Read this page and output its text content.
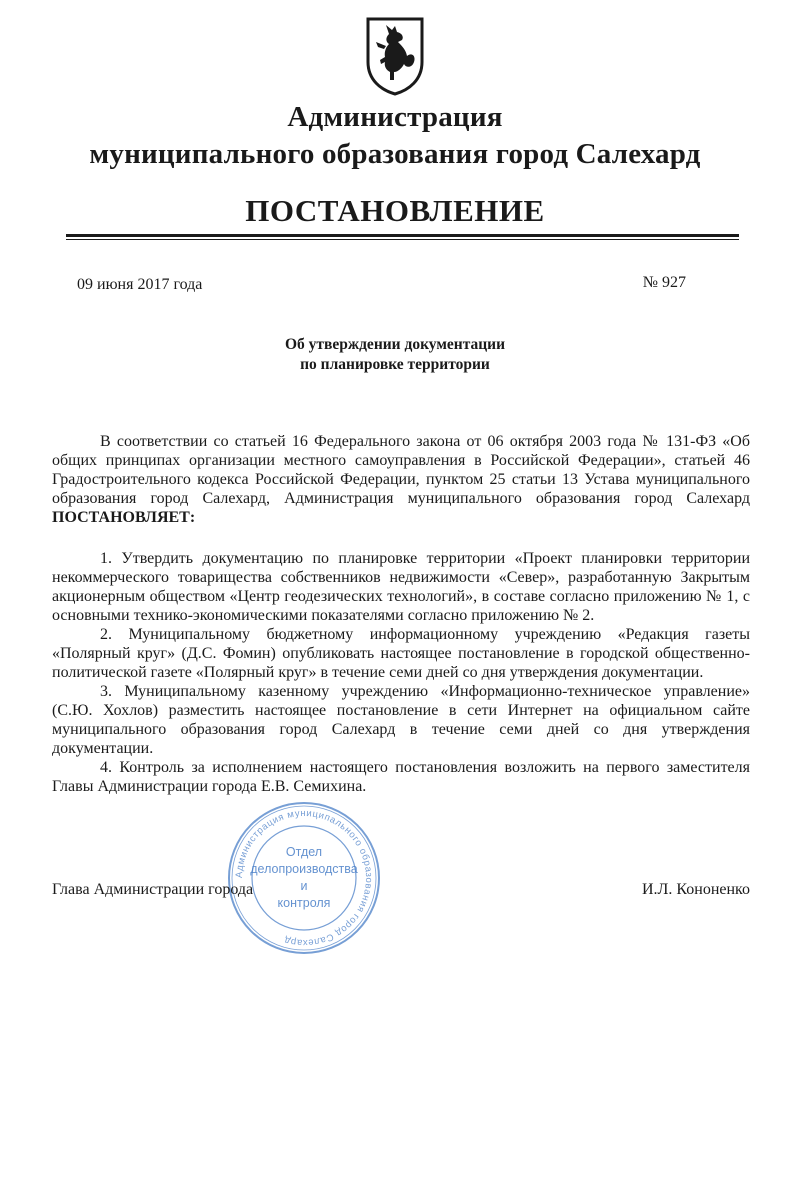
Администрация
муниципального образования город Салехард
ПОСТАНОВЛЕНИЕ
09 июня 2017 года	№ 927
Об утверждении документации
по планировке территории

В соответствии со статьей 16 Федерального закона от 06 октября 2003 года № 131-ФЗ «Об общих принципах организации местного самоуправления в Российской Федерации», статьей 46 Градостроительного кодекса Российской Федерации, пунктом 25 статьи 13 Устава муниципального образования город Салехард, Администрация муниципального образования город Салехард ПОСТАНОВЛЯЕТ:

1. Утвердить документацию по планировке территории «Проект планировки территории некоммерческого товарищества собственников недвижимости «Север», разработанную Закрытым акционерным обществом «Центр геодезических технологий», в составе согласно приложению № 1, с основными технико-экономическими показателями согласно приложению № 2.

2. Муниципальному бюджетному информационному учреждению «Редакция газеты «Полярный круг» (Д.С. Фомин) опубликовать настоящее постановление в городской общественно-политической газете «Полярный круг» в течение семи дней со дня утверждения документации.

3. Муниципальному казенному учреждению «Информационно-техническое управление» (С.Ю. Хохлов) разместить настоящее постановление в сети Интернет на официальном сайте муниципального образования город Салехард в течение семи дней со дня утверждения документации.

4. Контроль за исполнением настоящего постановления возложить на первого заместителя Главы Администрации города Е.В. Семихина.

Администрация муниципального образования город Салехард
Отдел
делопроизводства
и
контроля
Глава Администрации города	И.Л. Кононенко
